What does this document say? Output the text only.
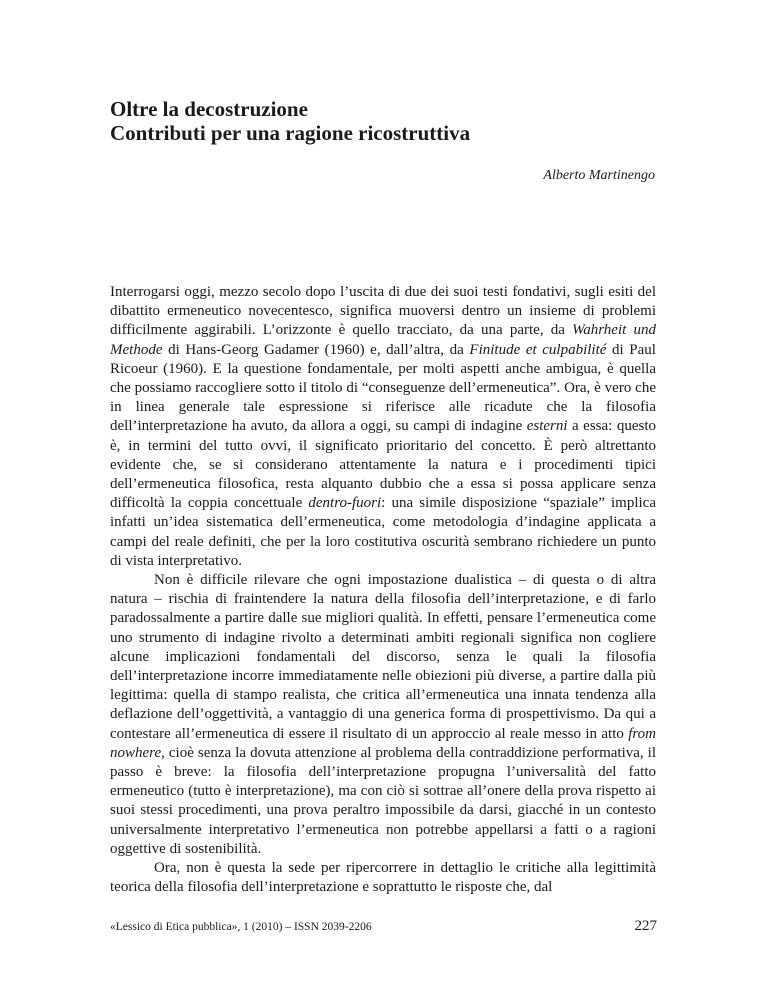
Oltre la decostruzione
Contributi per una ragione ricostruttiva
Alberto Martinengo

Interrogarsi oggi, mezzo secolo dopo l’uscita di due dei suoi testi fondativi, sugli esiti del dibattito ermeneutico novecentesco, significa muoversi dentro un insieme di problemi difficilmente aggirabili. L’orizzonte è quello tracciato, da una parte, da Wahrheit und Methode di Hans-Georg Gadamer (1960) e, dall’altra, da Finitude et culpabilité di Paul Ricoeur (1960). E la questione fondamentale, per molti aspetti anche ambigua, è quella che possiamo raccogliere sotto il titolo di “conseguenze dell’ermeneutica”. Ora, è vero che in linea generale tale espressione si riferisce alle ricadute che la filosofia dell’interpretazione ha avuto, da allora a oggi, su campi di indagine esterni a essa: questo è, in termini del tutto ovvi, il significato prioritario del concetto. È però altrettanto evidente che, se si considerano attentamente la natura e i procedimenti tipici dell’ermeneutica filosofica, resta alquanto dubbio che a essa si possa applicare senza difficoltà la coppia concettuale dentro-fuori: una simile disposizione “spaziale” implica infatti un’idea sistematica dell’ermeneutica, come metodologia d’indagine applicata a campi del reale definiti, che per la loro costitutiva oscurità sembrano richiedere un punto di vista interpretativo.

Non è difficile rilevare che ogni impostazione dualistica – di questa o di altra natura – rischia di fraintendere la natura della filosofia dell’interpretazione, e di farlo paradossalmente a partire dalle sue migliori qualità. In effetti, pensare l’ermeneutica come uno strumento di indagine rivolto a determinati ambiti regionali significa non cogliere alcune implicazioni fondamentali del discorso, senza le quali la filosofia dell’interpretazione incorre immediatamente nelle obiezioni più diverse, a partire dalla più legittima: quella di stampo realista, che critica all’ermeneutica una innata tendenza alla deflazione dell’oggettività, a vantaggio di una generica forma di prospettivismo. Da qui a contestare all’ermeneutica di essere il risultato di un approccio al reale messo in atto from nowhere, cioè senza la dovuta attenzione al problema della contraddizione performativa, il passo è breve: la filosofia dell’interpretazione propugna l’universalità del fatto ermeneutico (tutto è interpretazione), ma con ciò si sottrae all’onere della prova rispetto ai suoi stessi procedimenti, una prova peraltro impossibile da darsi, giacché in un contesto universalmente interpretativo l’ermeneutica non potrebbe appellarsi a fatti o a ragioni oggettive di sostenibilità.

Ora, non è questa la sede per ripercorrere in dettaglio le critiche alla legittimità teorica della filosofia dell’interpretazione e soprattutto le risposte che, dal

«Lessico di Etica pubblica», 1 (2010) – ISSN 2039-2206	227
